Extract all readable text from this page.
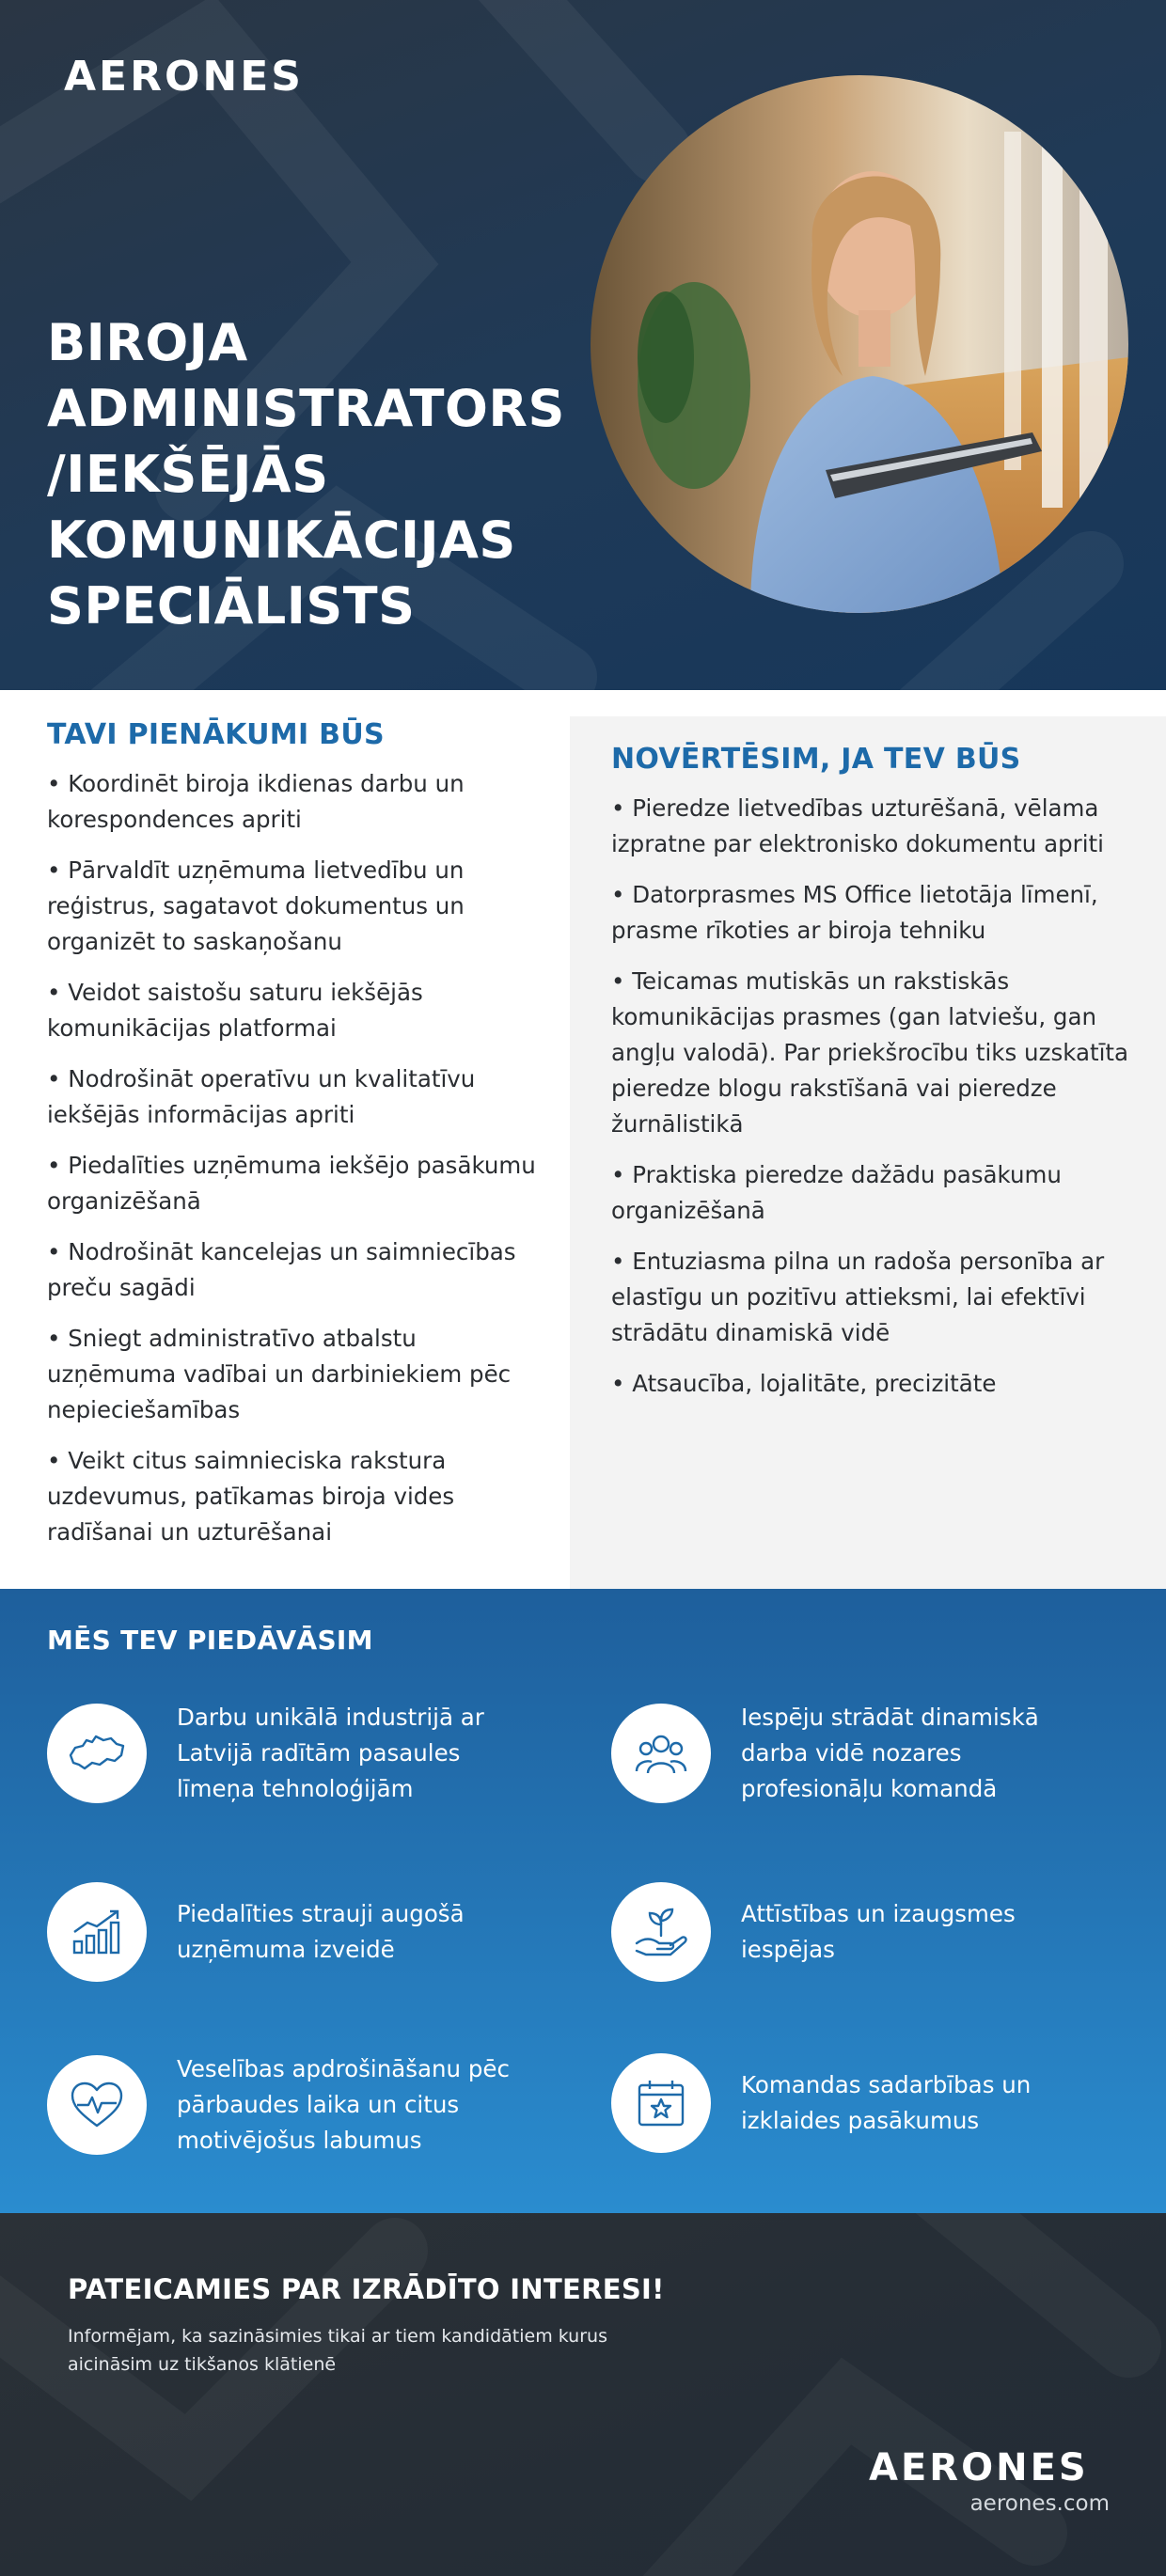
AERONES
BIROJA
ADMINISTRATORS
/IEKŠĒJĀS
KOMUNIKĀCIJAS
SPECIĀLISTS
TAVI PIENĀKUMI BŪS
• Koordinēt biroja ikdienas darbu un korespondences apriti
• Pārvaldīt uzņēmuma lietvedību un reģistrus, sagatavot dokumentus un organizēt to saskaņošanu
• Veidot saistošu saturu iekšējās komunikācijas platformai
• Nodrošināt operatīvu un kvalitatīvu iekšējās informācijas apriti
• Piedalīties uzņēmuma iekšējo pasākumu organizēšanā
• Nodrošināt kancelejas un saimniecības preču sagādi
• Sniegt administratīvo atbalstu uzņēmuma vadībai un darbiniekiem pēc nepieciešamības
• Veikt citus saimnieciska rakstura uzdevumus, patīkamas biroja vides radīšanai un uzturēšanai
NOVĒRTĒSIM, JA TEV BŪS
• Pieredze lietvedības uzturēšanā, vēlama izpratne par elektronisko dokumentu apriti
• Datorprasmes MS Office lietotāja līmenī, prasme rīkoties ar biroja tehniku
• Teicamas mutiskās un rakstiskās komunikācijas prasmes (gan latviešu, gan angļu valodā). Par priekšrocību tiks uzskatīta pieredze blogu rakstīšanā vai pieredze žurnālistikā
• Praktiska pieredze dažādu pasākumu organizēšanā
• Entuziasma pilna un radoša personība ar elastīgu un pozitīvu attieksmi, lai efektīvi strādātu dinamiskā vidē
• Atsaucība, lojalitāte, precizitāte
MĒS TEV PIEDĀVĀSIM
Darbu unikālā industrijā ar Latvijā radītām pasaules līmeņa tehnoloģijām
Iespēju strādāt dinamiskā darba vidē nozares profesionāļu komandā
Piedalīties strauji augošā uzņēmuma izveidē
Attīstības un izaugsmes iespējas
Veselības apdrošināšanu pēc pārbaudes laika un citus motivējošus labumus
Komandas sadarbības un izklaides pasākumus
PATEICAMIES PAR IZRĀDĪTO INTERESI!

Informējam, ka sazināsimies tikai ar tiem kandidātiem kurus aicināsim uz tikšanos klātienē

AERONES
aerones.com
